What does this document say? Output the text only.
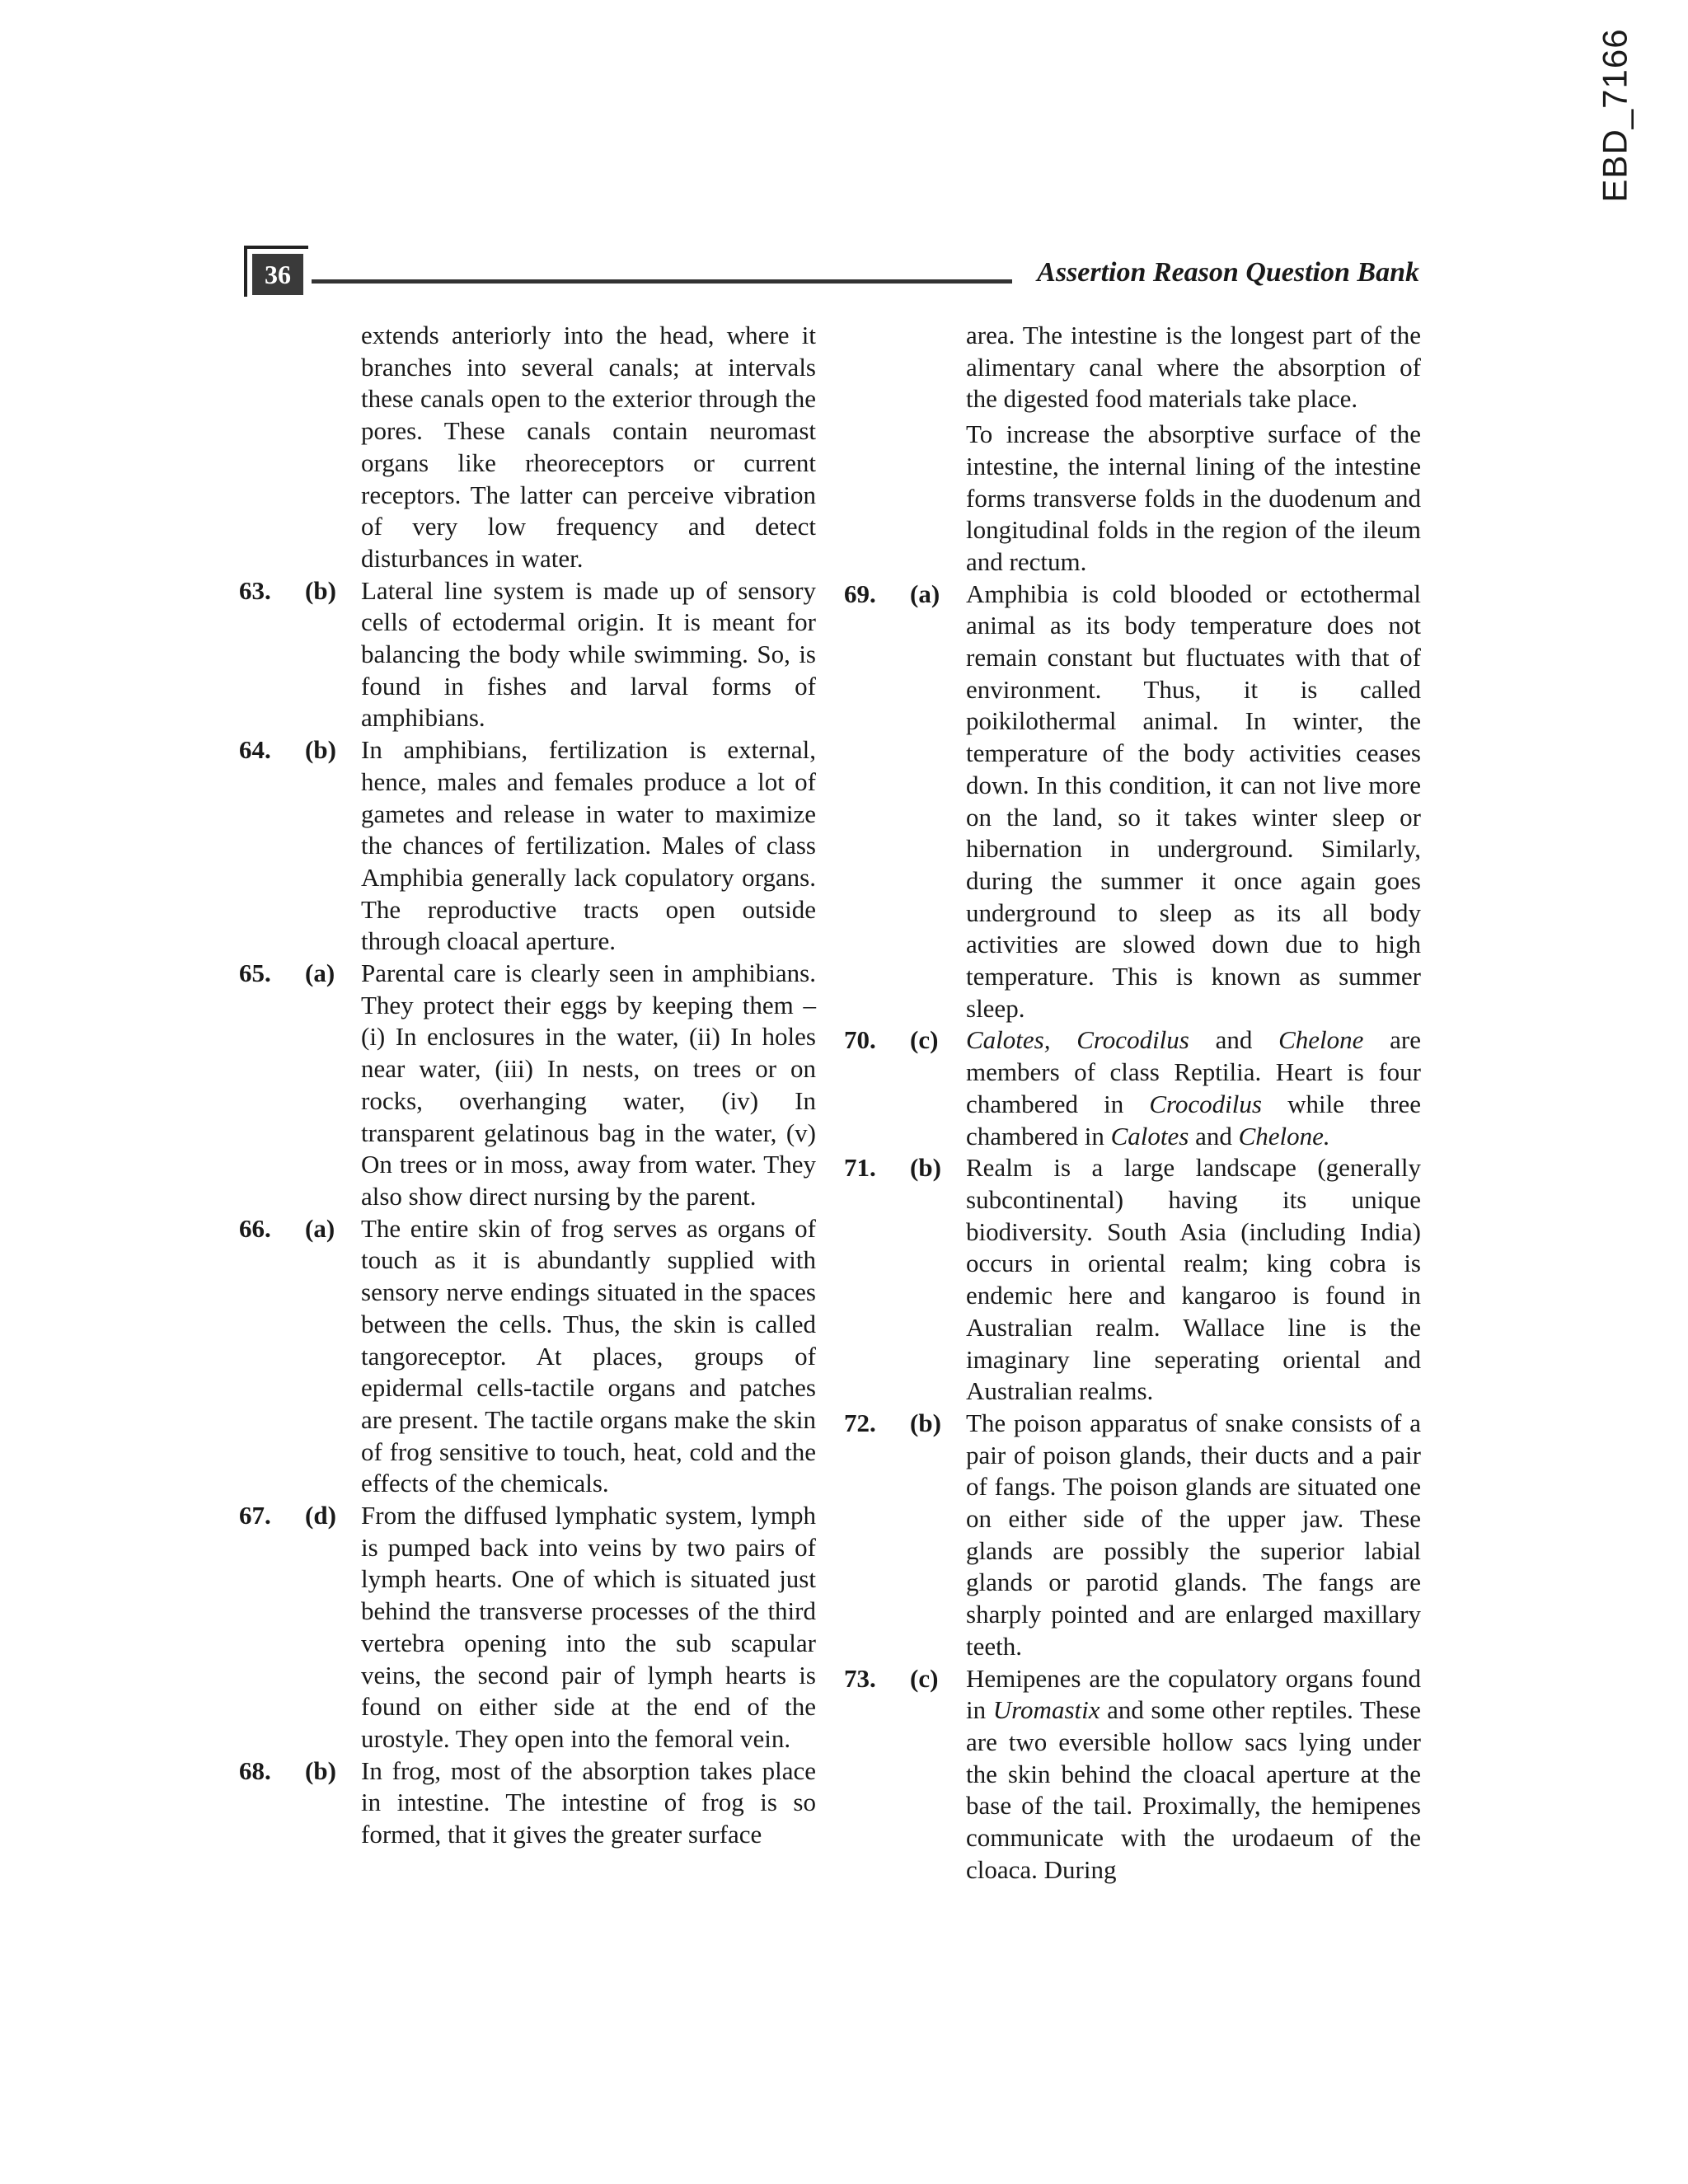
EBD_7166
36	Assertion Reason Question Bank
extends anteriorly into the head, where it branches into several canals; at intervals these canals open to the exterior through the pores. These canals contain neuromast organs like rheoreceptors or current receptors. The latter can perceive vibration of very low frequency and detect disturbances in water.
63.	(b) Lateral line system is made up of sensory cells of ectodermal origin. It is meant for balancing the body while swimming. So, is found in fishes and larval forms of amphibians.
64.	(b) In amphibians, fertilization is external, hence, males and females produce a lot of gametes and release in water to maximize the chances of fertilization. Males of class Amphibia generally lack copulatory organs. The reproductive tracts open outside through cloacal aperture.
65.	(a)	Parental care is clearly seen in amphibians. They protect their eggs by keeping them – (i) In enclosures in the water, (ii) In holes near water, (iii) In nests, on trees or on rocks, overhanging water, (iv) In transparent gelatinous bag in the water, (v) On trees or in moss, away from water. They also show direct nursing by the parent.
66.	(a)	The entire skin of frog serves as organs of touch as it is abundantly supplied with sensory nerve endings situated in the spaces between the cells. Thus, the skin is called tangoreceptor. At places, groups of epidermal cells-tactile organs and patches are present. The tactile organs make the skin of frog sensitive to touch, heat, cold and the effects of the chemicals.
67.	(d) From the diffused lymphatic system, lymph is pumped back into veins by two pairs of lymph hearts. One of which is situated just behind the transverse processes of the third vertebra opening into the sub scapular veins, the second pair of lymph hearts is found on either side at the end of the urostyle. They open into the femoral vein.
68.	(b) In frog, most of the absorption takes place in intestine. The intestine of frog is so formed, that it gives the greater surface
area. The intestine is the longest part of the alimentary canal where the absorption of the digested food materials take place.
To increase the absorptive surface of the intestine, the internal lining of the intestine forms transverse folds in the duodenum and longitudinal folds in the region of the ileum and rectum.
69.	(a)	Amphibia is cold blooded or ectothermal animal as its body temperature does not remain constant but fluctuates with that of environment. Thus, it is called poikilothermal animal. In winter, the temperature of the body activities ceases down. In this condition, it can not live more on the land, so it takes winter sleep or hibernation in underground. Similarly, during the summer it once again goes underground to sleep as its all body activities are slowed down due to high temperature. This is known as summer sleep.
70.	(c)	Calotes, Crocodilus and Chelone are members of class Reptilia. Heart is four chambered in Crocodilus while three chambered in Calotes and Chelone.
71.	(b) Realm is a large landscape (generally subcontinental) having its unique biodiversity. South Asia (including India) occurs in oriental realm; king cobra is endemic here and kangaroo is found in Australian realm. Wallace line is the imaginary line seperating oriental and Australian realms.
72.	(b) The poison apparatus of snake consists of a pair of poison glands, their ducts and a pair of fangs. The poison glands are situated one on either side of the upper jaw. These glands are possibly the superior labial glands or parotid glands. The fangs are sharply pointed and are enlarged maxillary teeth.
73.	(c)	Hemipenes are the copulatory organs found in Uromastix and some other reptiles. These are two eversible hollow sacs lying under the skin behind the cloacal aperture at the base of the tail. Proximally, the hemipenes communicate with the urodaeum of the cloaca. During
